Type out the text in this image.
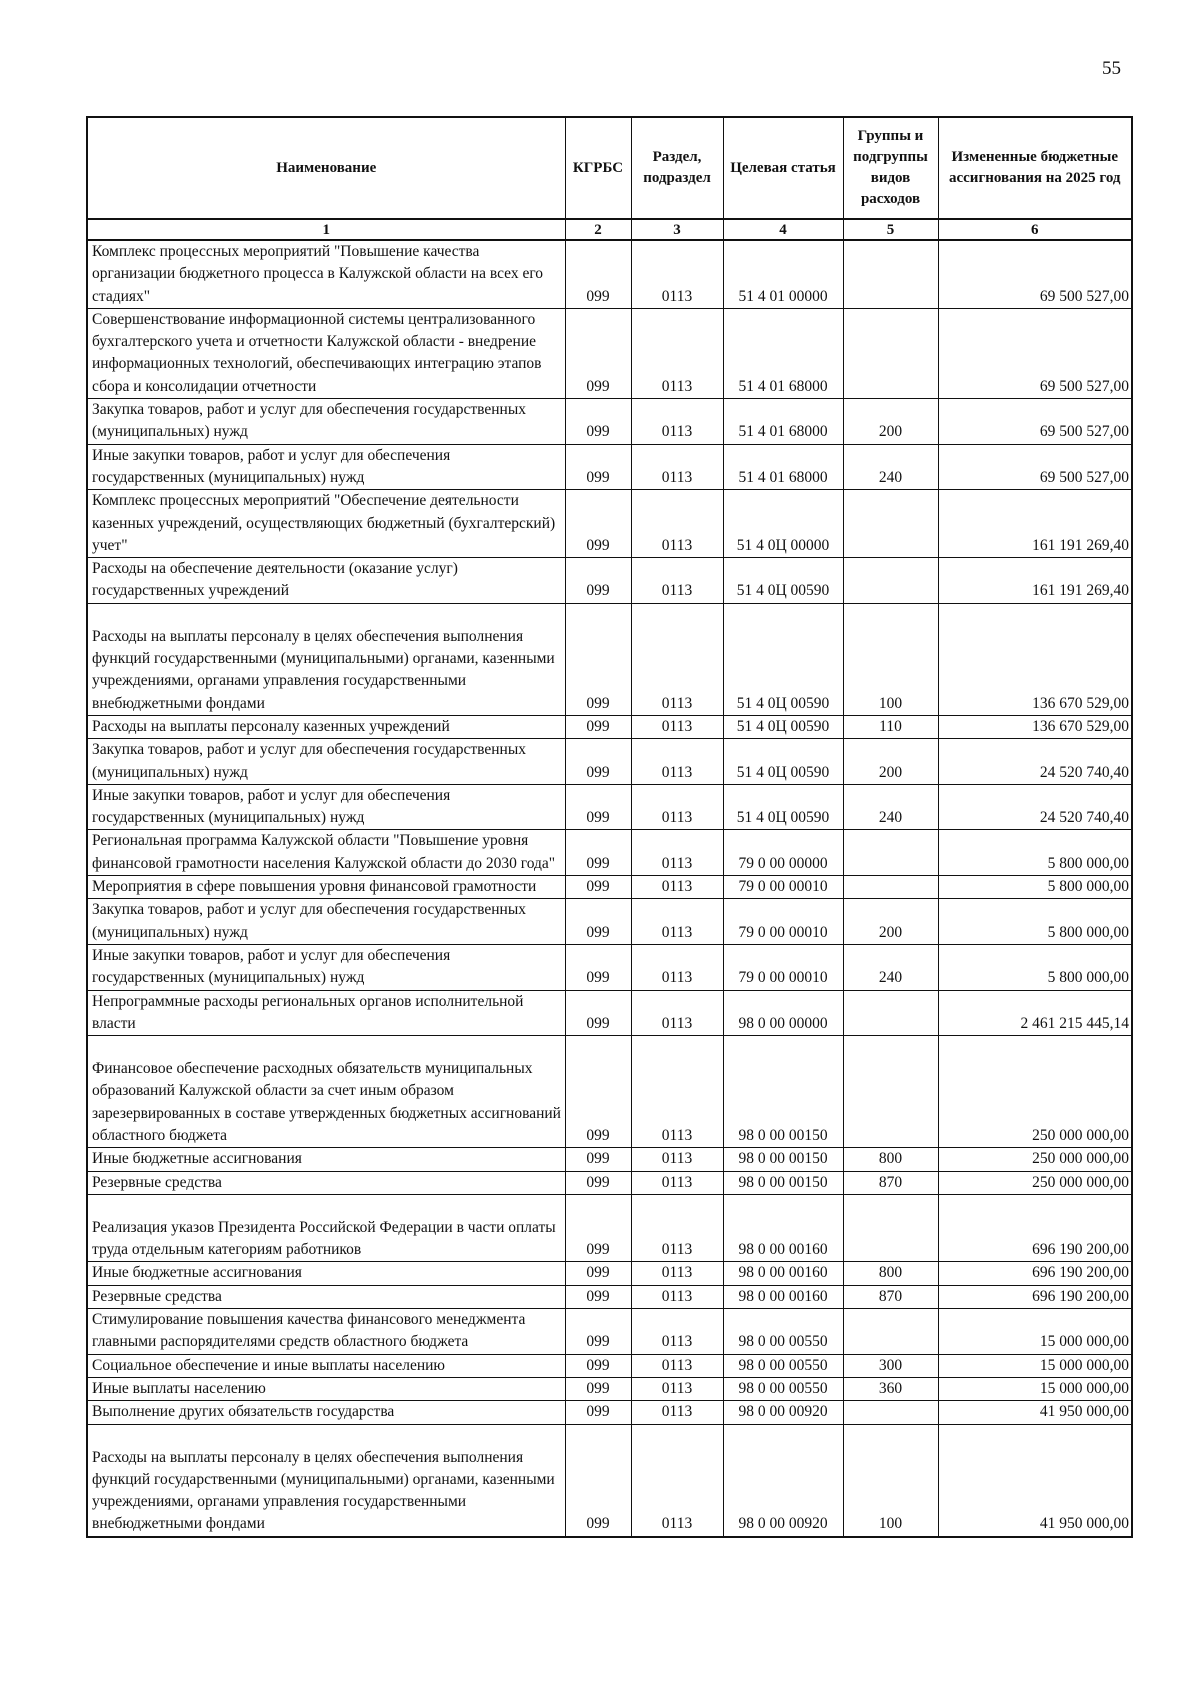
55
Наименование	КГРБС	Раздел, подраздел	Целевая статья	Группы и подгруппы видов расходов	Измененные бюджетные ассигнования на 2025 год
1	2	3	4	5	6
Комплекс процессных мероприятий "Повышение качества организации бюджетного процесса в Калужской области на всех его стадиях"	099	0113	51 4 01 00000		69 500 527,00
Совершенствование информационной системы централизованного бухгалтерского учета и отчетности Калужской области - внедрение информационных технологий, обеспечивающих интеграцию этапов сбора и консолидации отчетности	099	0113	51 4 01 68000		69 500 527,00
Закупка товаров, работ и услуг для обеспечения государственных (муниципальных) нужд	099	0113	51 4 01 68000	200	69 500 527,00
Иные закупки товаров, работ и услуг для обеспечения государственных (муниципальных) нужд	099	0113	51 4 01 68000	240	69 500 527,00
Комплекс процессных мероприятий "Обеспечение деятельности казенных учреждений, осуществляющих бюджетный (бухгалтерский) учет"	099	0113	51 4 0Ц 00000		161 191 269,40
Расходы на обеспечение деятельности (оказание услуг) государственных учреждений	099	0113	51 4 0Ц 00590		161 191 269,40
Расходы на выплаты персоналу в целях обеспечения выполнения функций государственными (муниципальными) органами, казенными учреждениями, органами управления государственными внебюджетными фондами	099	0113	51 4 0Ц 00590	100	136 670 529,00
Расходы на выплаты персоналу казенных учреждений	099	0113	51 4 0Ц 00590	110	136 670 529,00
Закупка товаров, работ и услуг для обеспечения государственных (муниципальных) нужд	099	0113	51 4 0Ц 00590	200	24 520 740,40
Иные закупки товаров, работ и услуг для обеспечения государственных (муниципальных) нужд	099	0113	51 4 0Ц 00590	240	24 520 740,40
Региональная программа Калужской области "Повышение уровня финансовой грамотности населения Калужской области до 2030 года"	099	0113	79 0 00 00000		5 800 000,00
Мероприятия в сфере повышения уровня финансовой грамотности	099	0113	79 0 00 00010		5 800 000,00
Закупка товаров, работ и услуг для обеспечения государственных (муниципальных) нужд	099	0113	79 0 00 00010	200	5 800 000,00
Иные закупки товаров, работ и услуг для обеспечения государственных (муниципальных) нужд	099	0113	79 0 00 00010	240	5 800 000,00
Непрограммные расходы региональных органов исполнительной власти	099	0113	98 0 00 00000		2 461 215 445,14
Финансовое обеспечение расходных обязательств муниципальных образований Калужской области за счет иным образом зарезервированных в составе утвержденных бюджетных ассигнований областного бюджета	099	0113	98 0 00 00150		250 000 000,00
Иные бюджетные ассигнования	099	0113	98 0 00 00150	800	250 000 000,00
Резервные средства	099	0113	98 0 00 00150	870	250 000 000,00
Реализация указов Президента Российской Федерации в части оплаты труда отдельным категориям работников	099	0113	98 0 00 00160		696 190 200,00
Иные бюджетные ассигнования	099	0113	98 0 00 00160	800	696 190 200,00
Резервные средства	099	0113	98 0 00 00160	870	696 190 200,00
Стимулирование повышения качества финансового менеджмента главными распорядителями средств областного бюджета	099	0113	98 0 00 00550		15 000 000,00
Социальное обеспечение и иные выплаты населению	099	0113	98 0 00 00550	300	15 000 000,00
Иные выплаты населению	099	0113	98 0 00 00550	360	15 000 000,00
Выполнение других обязательств государства	099	0113	98 0 00 00920		41 950 000,00
Расходы на выплаты персоналу в целях обеспечения выполнения функций государственными (муниципальными) органами, казенными учреждениями, органами управления государственными внебюджетными фондами	099	0113	98 0 00 00920	100	41 950 000,00
